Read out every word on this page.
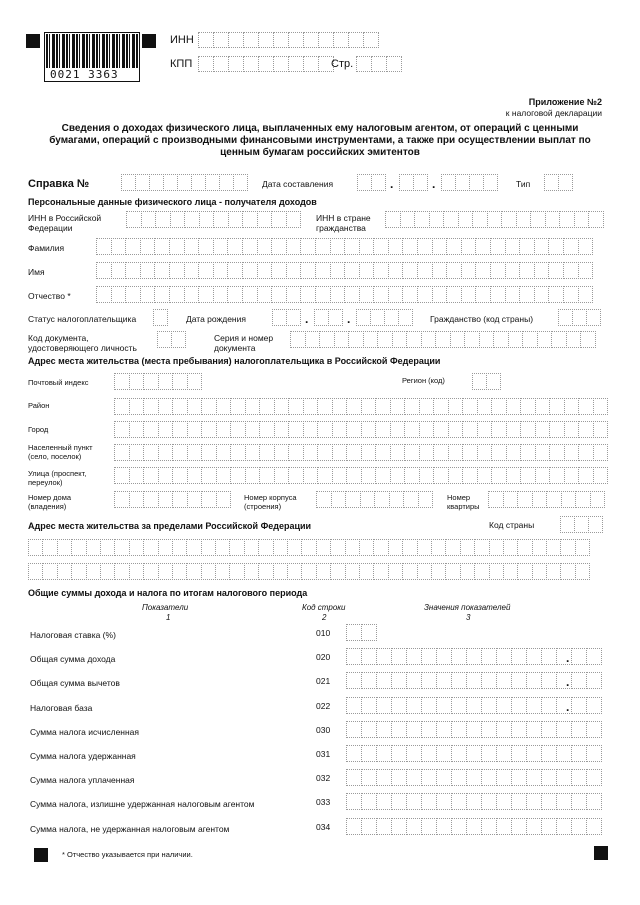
0021 3363
ИНН
КПП	Стр.
Приложение №2
к налоговой декларации
Сведения о доходах физического лица, выплаченных ему налоговым агентом, от операций с ценными бумагами, операций с производными финансовыми инструментами, а также при осуществлении выплат по ценным бумагам российских эмитентов
Справка №	Дата составления	.	.	Тип
Персональные данные физического лица - получателя доходов
ИНН в Российской Федерации
ИНН в стране гражданства
Фамилия
Имя
Отчество *
Статус налогоплательщика	Дата рождения	.	.	Гражданство (код страны)
Код документа, удостоверяющего личность
Серия и номер документа
Адрес места жительства (места пребывания) налогоплательщика в Российской Федерации
Почтовый индекс	Регион (код)
Район
Город
Населенный пункт (село, поселок)
Улица (проспект, переулок)
Номер дома (владения)
Номер корпуса (строения)
Номер квартиры
Адрес места жительства за пределами Российской Федерации	Код страны
Общие суммы дохода и налога по итогам налогового периода
Показатели
1
Код строки
2
Значения показателей
3
Налоговая ставка (%)	010
Общая сумма дохода	020	.
Общая сумма вычетов	021	.
Налоговая база	022	.
Сумма налога исчисленная	030
Сумма налога удержанная	031
Сумма налога уплаченная	032
Сумма налога, излишне удержанная налоговым агентом	033
Сумма налога, не удержанная налоговым агентом	034
* Отчество указывается при наличии.
